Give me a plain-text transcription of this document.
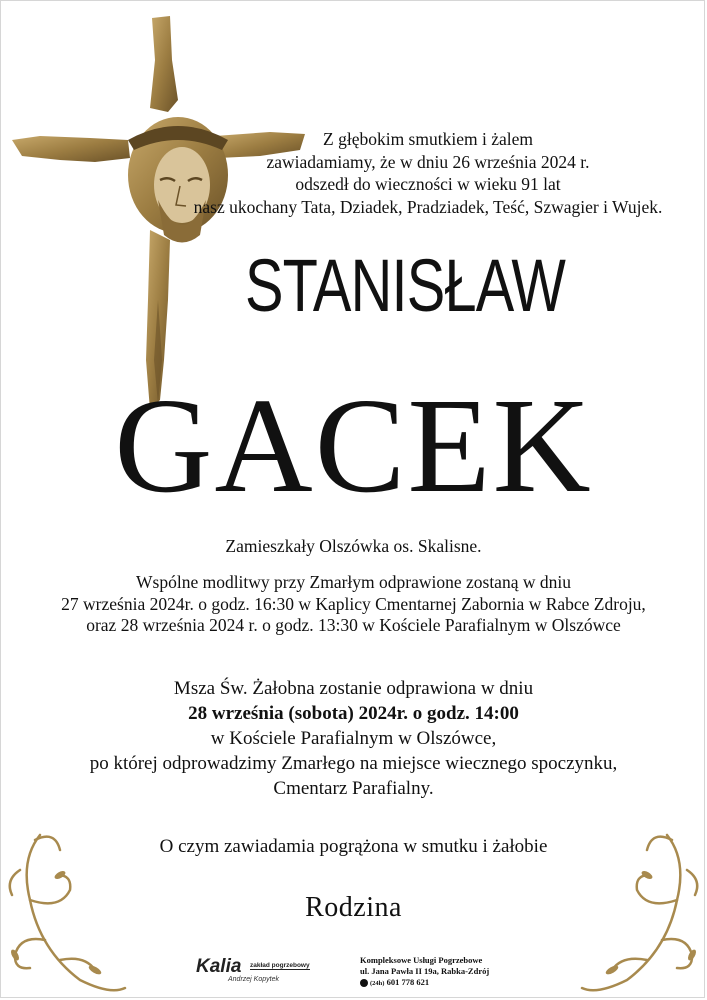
Z głębokim smutkiem i żalem
zawiadamiamy, że w dniu 26 września 2024 r.
odszedł do wieczności w wieku 91 lat
nasz ukochany Tata, Dziadek, Pradziadek, Teść, Szwagier i Wujek.
STANISŁAW
GACEK
Zamieszkały Olszówka os. Skalisne.
Wspólne modlitwy przy Zmarłym odprawione zostaną w dniu
27 września 2024r. o godz. 16:30 w Kaplicy Cmentarnej Zabornia w Rabce Zdroju,
oraz 28 września 2024 r. o godz. 13:30 w Kościele Parafialnym w Olszówce
Msza Św. Żałobna zostanie odprawiona w dniu
28 września (sobota) 2024r. o godz. 14:00
w Kościele Parafialnym w Olszówce,
po której odprowadzimy Zmarłego na miejsce wiecznego spoczynku,
Cmentarz Parafialny.
O czym zawiadamia pogrążona w smutku i żałobie
Rodzina
Kalia zakład pogrzebowy
Andrzej Kopytek
Kompleksowe Usługi Pogrzebowe
ul. Jana Pawła II 19a, Rabka-Zdrój
(24h) 601 778 621
